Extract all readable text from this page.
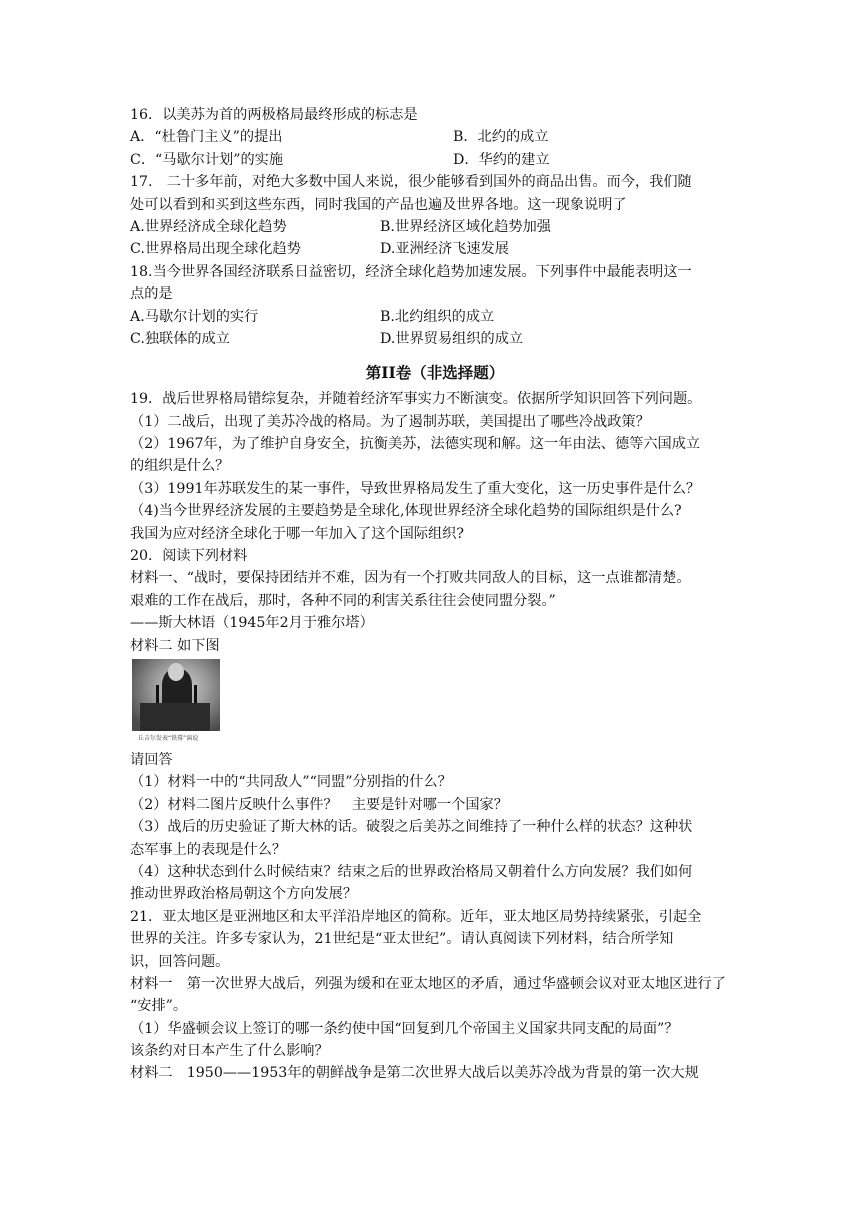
16．以美苏为首的两极格局最终形成的标志是
A．“杜鲁门主义”的提出	B．北约的成立
C．“马歇尔计划”的实施	D．华约的建立
17.　二十多年前，对绝大多数中国人来说，很少能够看到国外的商品出售。而今，我们随
处可以看到和买到这些东西，同时我国的产品也遍及世界各地。这一现象说明了
A.世界经济成全球化趋势	B.世界经济区域化趋势加强
C.世界格局出现全球化趋势	D.亚洲经济飞速发展
18.当今世界各国经济联系日益密切，经济全球化趋势加速发展。下列事件中最能表明这一
点的是
A.马歇尔计划的实行	B.北约组织的成立
C.独联体的成立	D.世界贸易组织的成立
第II卷（非选择题）
19．战后世界格局错综复杂，并随着经济军事实力不断演变。依据所学知识回答下列问题。
（1）二战后，出现了美苏冷战的格局。为了遏制苏联，美国提出了哪些冷战政策？
（2）1967年，为了维护自身安全，抗衡美苏，法德实现和解。这一年由法、德等六国成立
的组织是什么？
（3）1991年苏联发生的某一事件，导致世界格局发生了重大变化，这一历史事件是什么？
（4)当今世界经济发展的主要趋势是全球化,体现世界经济全球化趋势的国际组织是什么?
我国为应对经济全球化于哪一年加入了这个国际组织?
20．阅读下列材料
材料一、“战时，要保持团结并不难，因为有一个打败共同敌人的目标，这一点谁都清楚。
艰难的工作在战后，那时，各种不同的利害关系往往会使同盟分裂。”
——斯大林语（1945年2月于雅尔塔）
材料二 如下图
丘吉尔发表“铁幕”演说
请回答
（1）材料一中的“共同敌人”“同盟”分别指的什么？
（2）材料二图片反映什么事件？　主要是针对哪一个国家？
（3）战后的历史验证了斯大林的话。破裂之后美苏之间维持了一种什么样的状态？这种状
态军事上的表现是什么？
（4）这种状态到什么时候结束？结束之后的世界政治格局又朝着什么方向发展？我们如何
推动世界政治格局朝这个方向发展？
21．亚太地区是亚洲地区和太平洋沿岸地区的简称。近年，亚太地区局势持续紧张，引起全
世界的关注。许多专家认为，21世纪是“亚太世纪”。请认真阅读下列材料，结合所学知
识，回答问题。
材料一　第一次世界大战后，列强为缓和在亚太地区的矛盾，通过华盛顿会议对亚太地区进行了
“安排”。
（1）华盛顿会议上签订的哪一条约使中国“回复到几个帝国主义国家共同支配的局面”？
该条约对日本产生了什么影响？
材料二　1950——1953年的朝鲜战争是第二次世界大战后以美苏冷战为背景的第一次大规
